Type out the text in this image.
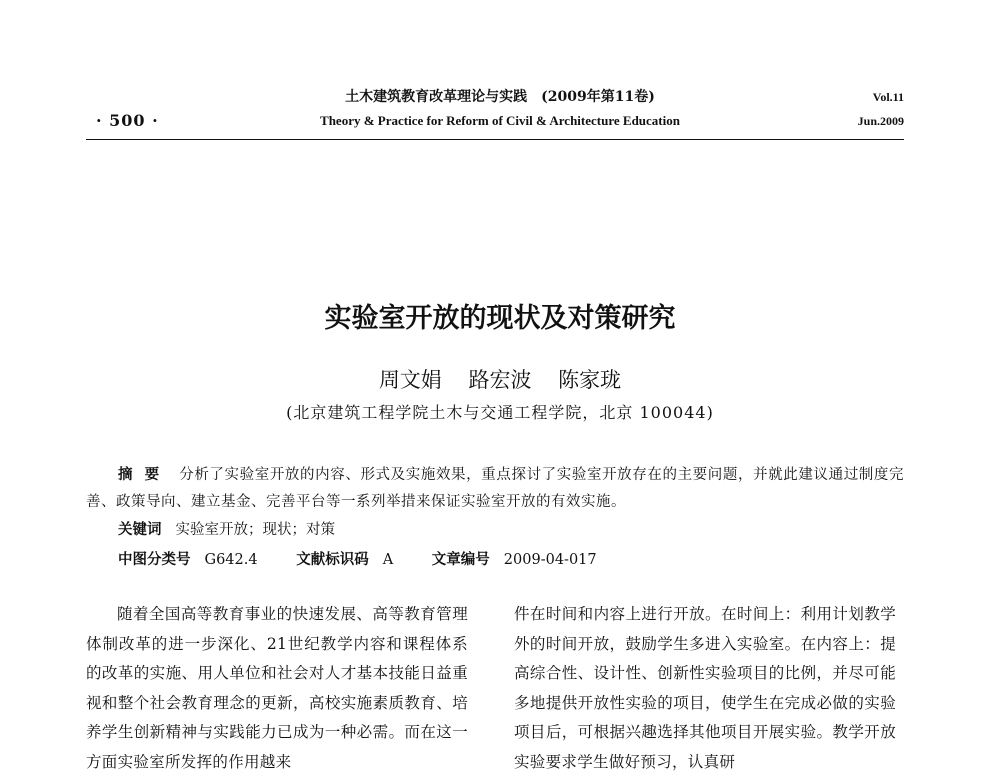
· 500 ·
土木建筑教育改革理论与实践　(2009年第11卷)
Theory & Practice for Reform of Civil & Architecture Education
Vol.11
Jun.2009
实验室开放的现状及对策研究
周文娟 路宏波 陈家珑
(北京建筑工程学院土木与交通工程学院，北京 100044)
摘要 分析了实验室开放的内容、形式及实施效果，重点探讨了实验室开放存在的主要问题，并就此建议通过制度完善、政策导向、建立基金、完善平台等一系列举措来保证实验室开放的有效实施。
关键词 实验室开放；现状；对策
中图分类号 G642.4	文献标识码 A	文章编号 2009-04-017
随着全国高等教育事业的快速发展、高等教育管理体制改革的进一步深化、21世纪教学内容和课程体系的改革的实施、用人单位和社会对人才基本技能日益重视和整个社会教育理念的更新，高校实施素质教育、培养学生创新精神与实践能力已成为一种必需。而在这一方面实验室所发挥的作用越来
件在时间和内容上进行开放。在时间上：利用计划教学外的时间开放，鼓励学生多进入实验室。在内容上：提高综合性、设计性、创新性实验项目的比例，并尽可能多地提供开放性实验的项目，使学生在完成必做的实验项目后，可根据兴趣选择其他项目开展实验。教学开放实验要求学生做好预习，认真研
